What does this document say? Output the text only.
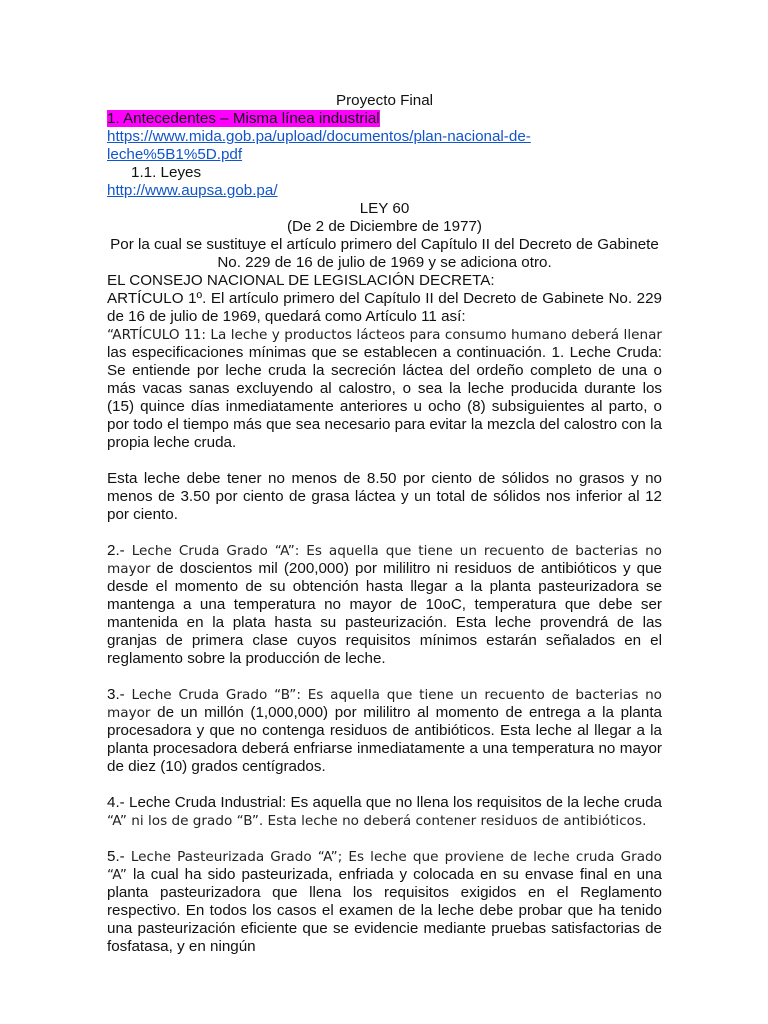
Proyecto Final

1. Antecedentes – Misma línea industrial

https://www.mida.gob.pa/upload/documentos/plan-nacional-de-
leche%5B1%5D.pdf

1.1. Leyes

http://www.aupsa.gob.pa/

LEY 60

(De 2 de Diciembre de 1977)

Por la cual se sustituye el artículo primero del Capítulo II del Decreto de Gabinete
No. 229 de 16 de julio de 1969 y se adiciona otro.

EL CONSEJO NACIONAL DE LEGISLACIÓN DECRETA:

ARTÍCULO 1º. El artículo primero del Capítulo II del Decreto de Gabinete No. 229 de 16 de julio de 1969, quedará como Artículo 11 así:

“ARTÍCULO 11: La leche y productos lácteos para consumo humano deberá llenar las especificaciones mínimas que se establecen a continuación. 1. Leche Cruda: Se entiende por leche cruda la secreción láctea del ordeño completo de una o más vacas sanas excluyendo al calostro, o sea la leche producida durante los (15) quince días inmediatamente anteriores u ocho (8) subsiguientes al parto, o por todo el tiempo más que sea necesario para evitar la mezcla del calostro con la propia leche cruda.

Esta leche debe tener no menos de 8.50 por ciento de sólidos no grasos y no menos de 3.50 por ciento de grasa láctea y un total de sólidos nos inferior al 12 por ciento.

2.- Leche Cruda Grado “A”: Es aquella que tiene un recuento de bacterias no mayor de doscientos mil (200,000) por mililitro ni residuos de antibióticos y que desde el momento de su obtención hasta llegar a la planta pasteurizadora se mantenga a una temperatura no mayor de 10oC, temperatura que debe ser mantenida en la plata hasta su pasteurización. Esta leche provendrá de las granjas de primera clase cuyos requisitos mínimos estarán señalados en el reglamento sobre la producción de leche.

3.- Leche Cruda Grado “B”: Es aquella que tiene un recuento de bacterias no mayor de un millón (1,000,000) por mililitro al momento de entrega a la planta procesadora y que no contenga residuos de antibióticos. Esta leche al llegar a la planta procesadora deberá enfriarse inmediatamente a una temperatura no mayor de diez (10) grados centígrados.

4.- Leche Cruda Industrial: Es aquella que no llena los requisitos de la leche cruda “A” ni los de grado “B”. Esta leche no deberá contener residuos de antibióticos.

5.- Leche Pasteurizada Grado “A”; Es leche que proviene de leche cruda Grado “A” la cual ha sido pasteurizada, enfriada y colocada en su envase final en una planta pasteurizadora que llena los requisitos exigidos en el Reglamento respectivo. En todos los casos el examen de la leche debe probar que ha tenido una pasteurización eficiente que se evidencie mediante pruebas satisfactorias de fosfatasa, y en ningún
